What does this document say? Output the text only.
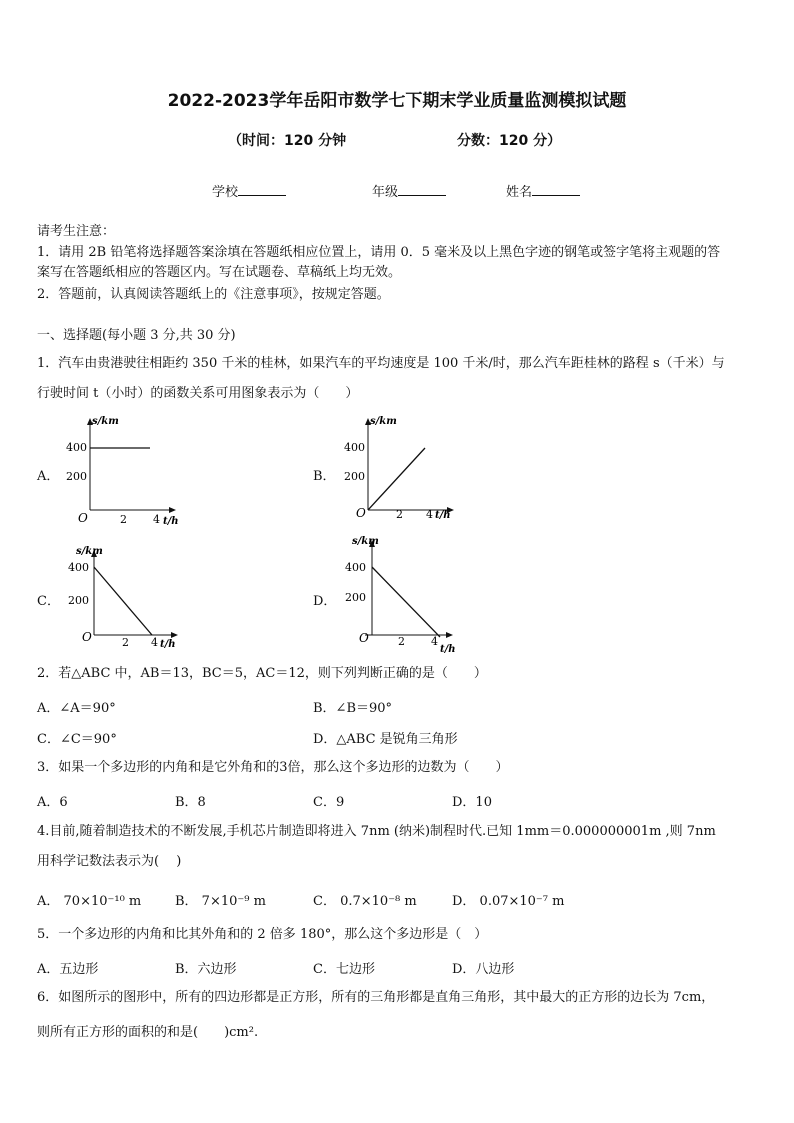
2022-2023学年岳阳市数学七下期末学业质量监测模拟试题
（时间：120 分钟	分数：120 分）
学校	年级	姓名
请考生注意：
1．请用 2B 铅笔将选择题答案涂填在答题纸相应位置上，请用 0．5 毫米及以上黑色字迹的钢笔或签字笔将主观题的答
案写在答题纸相应的答题区内。写在试题卷、草稿纸上均无效。
2．答题前，认真阅读答题纸上的《注意事项》，按规定答题。
一、选择题(每小题 3 分,共 30 分)
1．汽车由贵港驶往相距约 350 千米的桂林，如果汽车的平均速度是 100 千米/时，那么汽车距桂林的路程 s（千米）与
行驶时间 t（小时）的函数关系可用图象表示为（　　）
A．	B．
C．	D．
s/km
400
200
O	2 4 t/h
s/km
400
200
O	2 4 t/h
s/km
400
200
O	2 4 t/h
s/km
400
200
O	2 4
t/h
2．若△ABC 中，AB＝13，BC＝5，AC＝12，则下列判断正确的是（　　）
A．∠A＝90°	B．∠B＝90°
C．∠C＝90°	D．△ABC 是锐角三角形
3．如果一个多边形的内角和是它外角和的3倍，那么这个多边形的边数为（　　）
A．6	B．8	C．9	D．10
4.目前,随着制造技术的不断发展,手机芯片制造即将进入 7nm (纳米)制程时代.已知 1mm＝0.000000001m ,则 7nm
用科学记数法表示为(　 )
A． 70×10⁻¹⁰ m	B． 7×10⁻⁹ m	C． 0.7×10⁻⁸ m	D． 0.07×10⁻⁷ m
5．一个多边形的内角和比其外角和的 2 倍多 180°，那么这个多边形是（　）
A．五边形	B．六边形	C．七边形	D．八边形
6．如图所示的图形中，所有的四边形都是正方形，所有的三角形都是直角三角形，其中最大的正方形的边长为 7cm，
则所有正方形的面积的和是(　　)cm².
